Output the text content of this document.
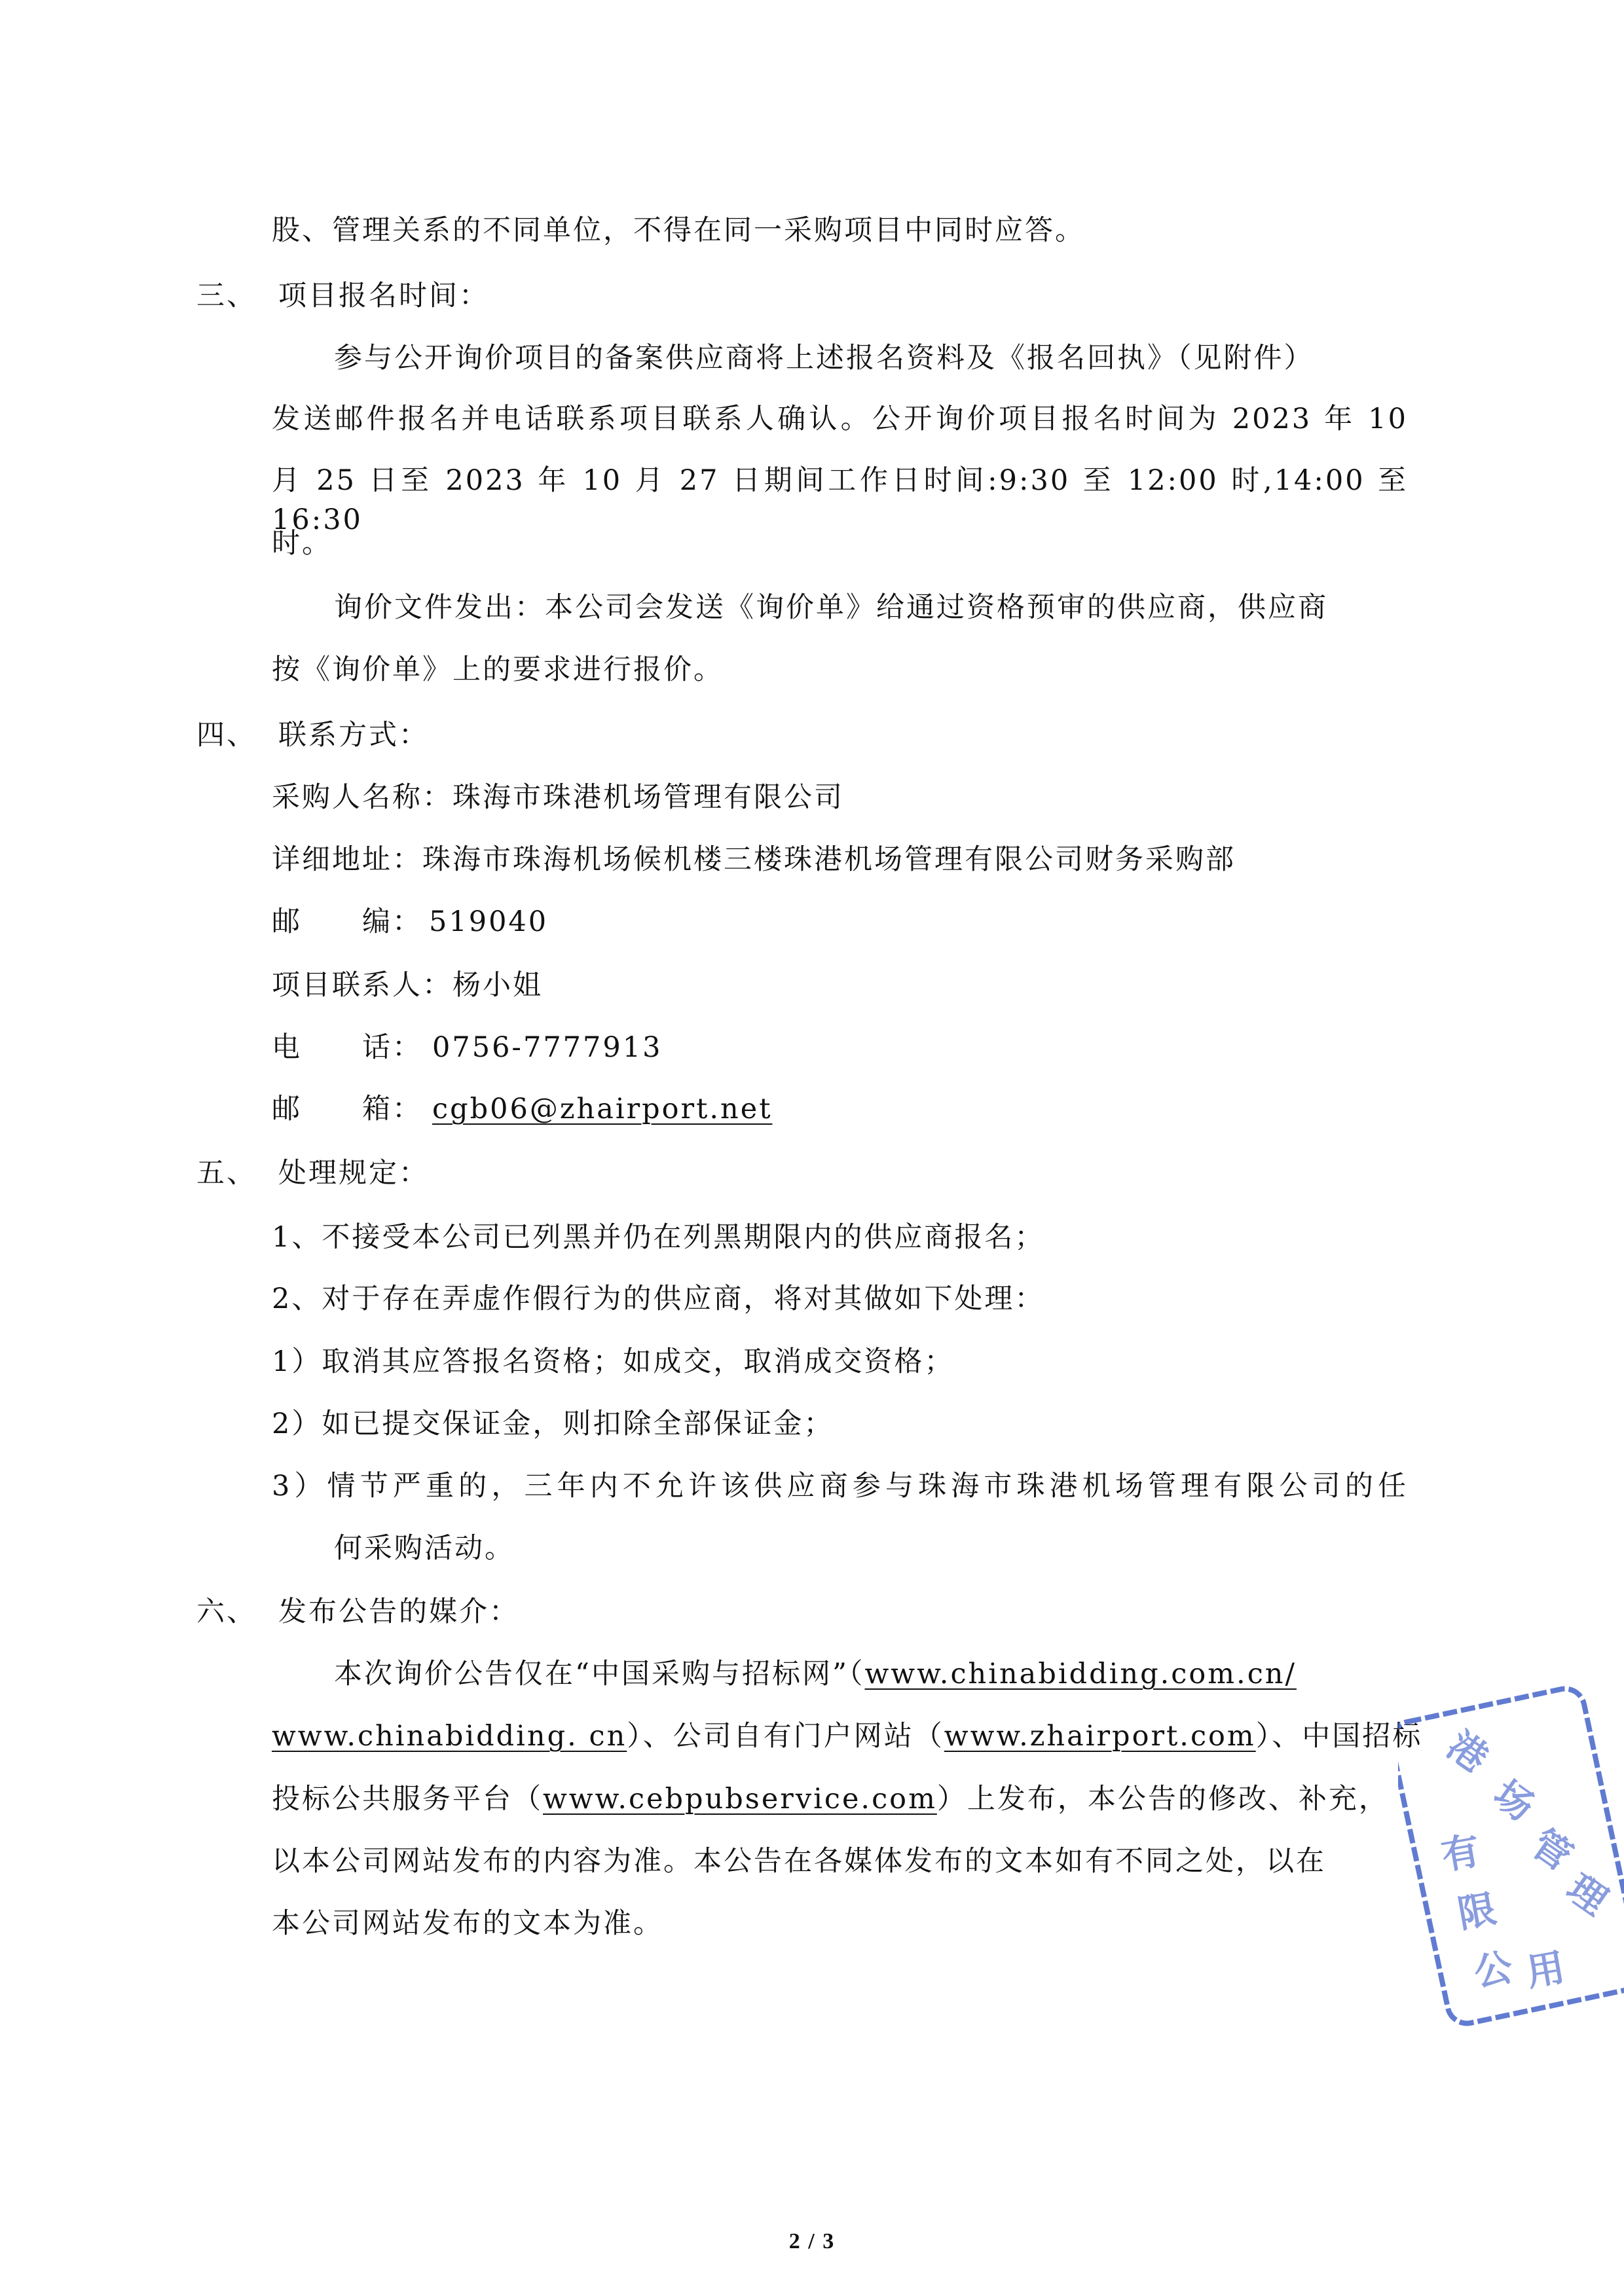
股、管理关系的不同单位，不得在同一采购项目中同时应答。
三、 项目报名时间：
参与公开询价项目的备案供应商将上述报名资料及《报名回执》（见附件）
发送邮件报名并电话联系项目联系人确认。公开询价项目报名时间为 2023 年 10
月 25 日至 2023 年 10 月 27 日期间工作日时间:9:30 至 12:00 时,14:00 至 16:30
时。
询价文件发出：本公司会发送《询价单》给通过资格预审的供应商，供应商
按《询价单》上的要求进行报价。
四、 联系方式：
采购人名称：珠海市珠港机场管理有限公司
详细地址：珠海市珠海机场候机楼三楼珠港机场管理有限公司财务采购部
邮　　编： 519040
项目联系人：杨小姐
电　　话： 0756-7777913
邮　　箱： cgb06@zhairport.net
五、 处理规定：
1、不接受本公司已列黑并仍在列黑期限内的供应商报名；
2、对于存在弄虚作假行为的供应商，将对其做如下处理：
1）取消其应答报名资格；如成交，取消成交资格；
2）如已提交保证金，则扣除全部保证金；
3）情节严重的，三年内不允许该供应商参与珠海市珠港机场管理有限公司的任
何采购活动。
六、 发布公告的媒介：
本次询价公告仅在“中国采购与招标网”（www.chinabidding.com.cn/
www.chinabidding. cn）、公司自有门户网站（www.zhairport.com）、中国招标
投标公共服务平台（www.cebpubservice.com）上发布，本公告的修改、补充，
以本公司网站发布的内容为准。本公告在各媒体发布的文本如有不同之处，以在
本公司网站发布的文本为准。
港
场
管
理
有
限
公 用
2 / 3
